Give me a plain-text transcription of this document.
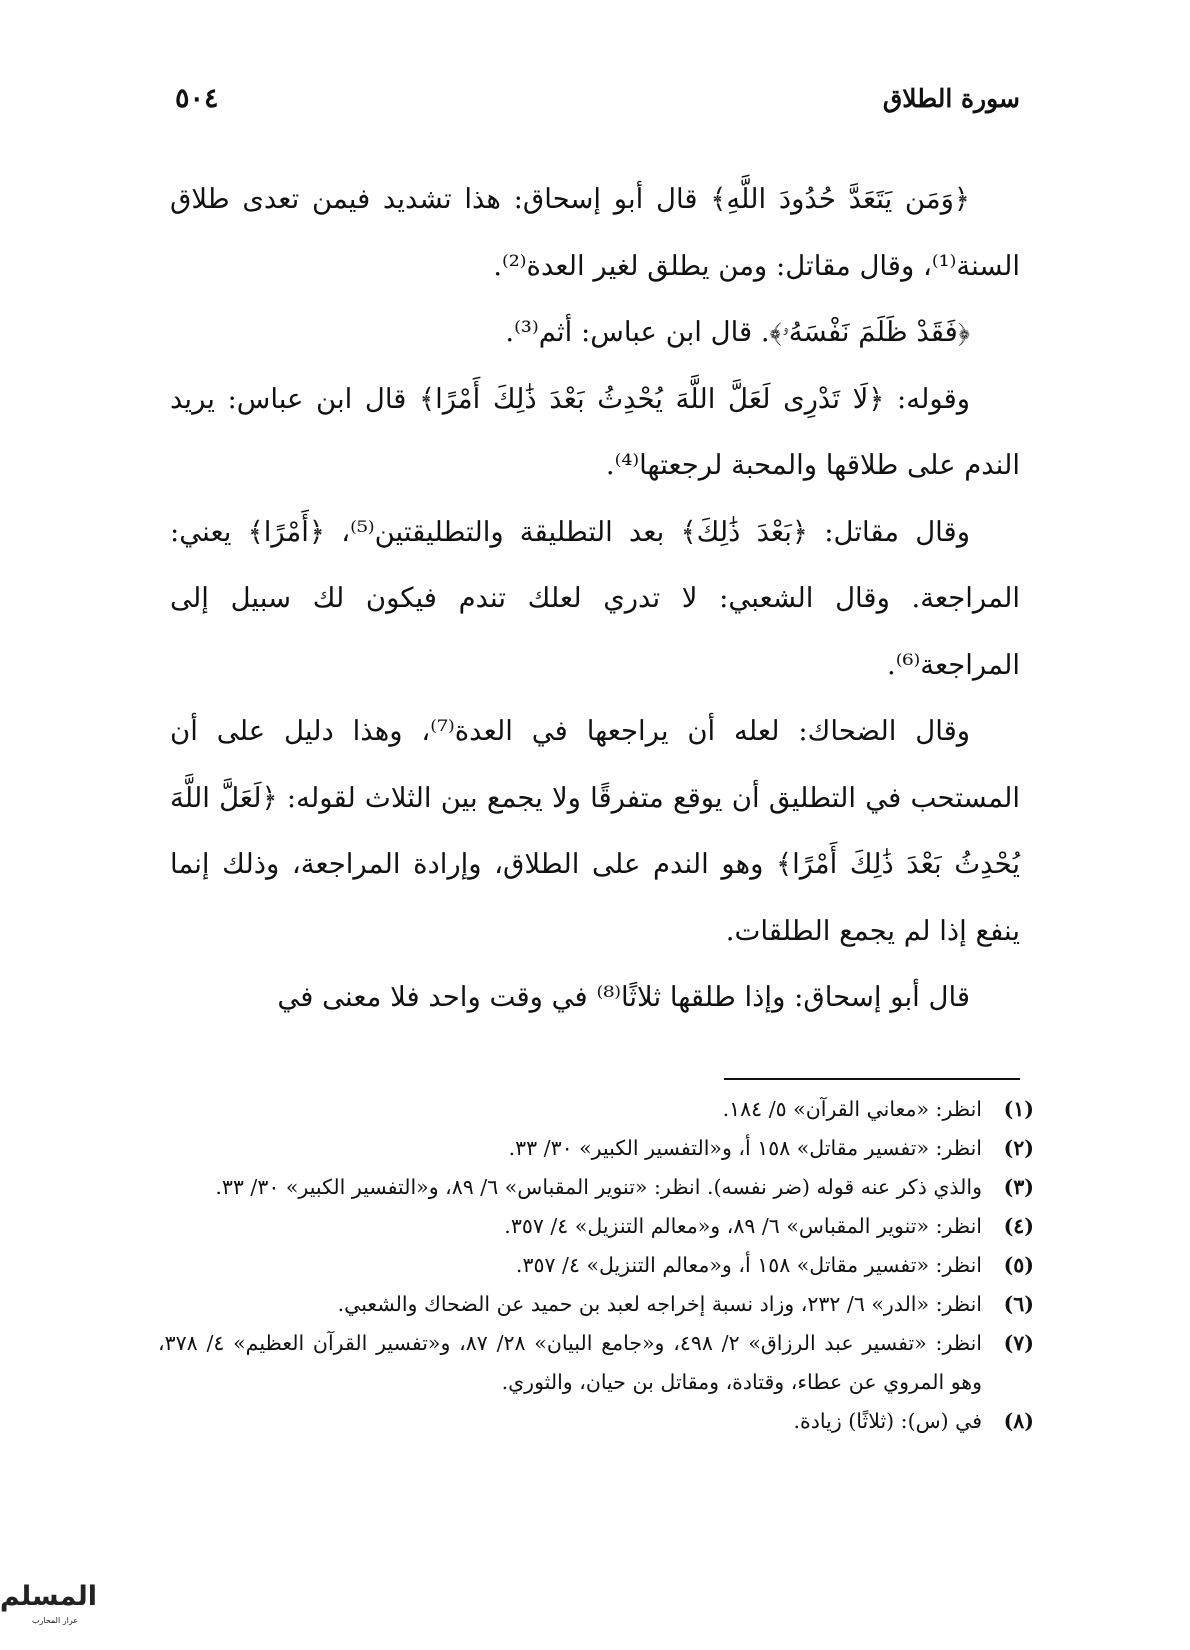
سورة الطلاق
٥٠٤

﴿وَمَن يَتَعَدَّ حُدُودَ اللَّهِ﴾ قال أبو إسحاق: هذا تشديد فيمن تعدى طلاق السنة⁽¹⁾، وقال مقاتل: ومن يطلق لغير العدة⁽²⁾.

﴿فَقَدْ ظَلَمَ نَفْسَهُۥ﴾. قال ابن عباس: أثم⁽³⁾.

وقوله: ﴿لَا تَدْرِى لَعَلَّ اللَّهَ يُحْدِثُ بَعْدَ ذَٰلِكَ أَمْرًا﴾ قال ابن عباس: يريد الندم على طلاقها والمحبة لرجعتها⁽⁴⁾.

وقال مقاتل: ﴿بَعْدَ ذَٰلِكَ﴾ بعد التطليقة والتطليقتين⁽⁵⁾، ﴿أَمْرًا﴾ يعني: المراجعة. وقال الشعبي: لا تدري لعلك تندم فيكون لك سبيل إلى المراجعة⁽⁶⁾.

وقال الضحاك: لعله أن يراجعها في العدة⁽⁷⁾، وهذا دليل على أن المستحب في التطليق أن يوقع متفرقًا ولا يجمع بين الثلاث لقوله: ﴿لَعَلَّ اللَّهَ يُحْدِثُ بَعْدَ ذَٰلِكَ أَمْرًا﴾ وهو الندم على الطلاق، وإرادة المراجعة، وذلك إنما ينفع إذا لم يجمع الطلقات.

قال أبو إسحاق: وإذا طلقها ثلاثًا⁽⁸⁾ في وقت واحد فلا معنى في

(١)
انظر: «معاني القرآن» ٥/ ١٨٤.
(٢)
انظر: «تفسير مقاتل» ١٥٨ أ، و«التفسير الكبير» ٣٠/ ٣٣.
(٣)
والذي ذكر عنه قوله (ضر نفسه). انظر: «تنوير المقباس» ٦/ ٨٩، و«التفسير الكبير» ٣٠/ ٣٣.
(٤)
انظر: «تنوير المقباس» ٦/ ٨٩، و«معالم التنزيل» ٤/ ٣٥٧.
(٥)
انظر: «تفسير مقاتل» ١٥٨ أ، و«معالم التنزيل» ٤/ ٣٥٧.
(٦)
انظر: «الدر» ٦/ ٢٣٢، وزاد نسبة إخراجه لعبد بن حميد عن الضحاك والشعبي.
(٧)
انظر: «تفسير عبد الرزاق» ٢/ ٤٩٨، و«جامع البيان» ٢٨/ ٨٧، و«تفسير القرآن العظيم» ٤/ ٣٧٨، وهو المروي عن عطاء، وقتادة، ومقاتل بن حيان، والثوري.
(٨)
في (س): (ثلاثًا) زيادة.
المسلم
عرار المحارب
